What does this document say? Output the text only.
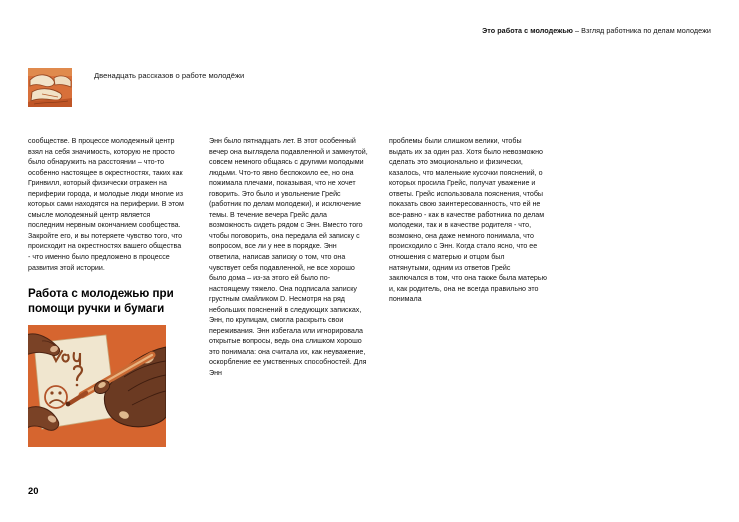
Это работа с молодежью – Взгляд работника по делам молодежи
Двенадцать рассказов о работе молодёжи

сообществе. В процессе молодежный центр взял на себя значимость, которую не просто было обнаружить на расстоянии – что-то особенно настоящее в окрестностях, таких как Гринвилл, который физически отражен на периферии города, и молодые люди многие из которых сами находятся на периферии. В этом смысле молодежный центр является последним нервным окончанием сообщества. Закройте его, и вы потеряете чувство того, что происходит на окрестностях вашего общества - что именно было предложено в процессе развития этой истории.

Работа с молодежью при помощи ручки и бумаги

Энн было пятнадцать лет. В этот особенный вечер она выглядела подавленной и замкнутой, совсем немного общаясь с другими молодыми людьми. Что-то явно беспокоило ее, но она пожимала плечами, показывая, что не хочет говорить. Это было и увольнение Грейс (работник по делам молодежи), и исключение темы. В течение вечера Грейс дала возможность сидеть рядом с Энн. Вместо того чтобы поговорить, она передала ей записку с вопросом, все ли у нее в порядке. Энн ответила, написав записку о том, что она чувствует себя подавленной, не все хорошо было дома – из-за этого ей было по-настоящему тяжело. Она подписала записку грустным смайликом D. Несмотря на ряд небольших пояснений в следующих записках, Энн, по крупицам, смогла раскрыть свои переживания. Энн избегала или игнорировала открытые вопросы, ведь она слишком хорошо это понимала: она считала их, как неуважение, оскорбление ее умственных способностей. Для Энн

проблемы были слишком велики, чтобы выдать их за один раз. Хотя было невозможно сделать это эмоционально и физически, казалось, что маленькие кусочки пояснений, о которых просила Грейс, получат уважение и ответы. Грейс использовала пояснения, чтобы показать свою заинтересованность, что ей не все-равно - как в качестве работника по делам молодежи, так и в качестве родителя - что, возможно, она даже немного понимала, что происходило с Энн. Когда стало ясно, что ее отношения с матерью и отцом был натянутыми, одним из ответов Грейс заключался в том, что она также была матерью и, как родитель, она не всегда правильно это понимала

20
